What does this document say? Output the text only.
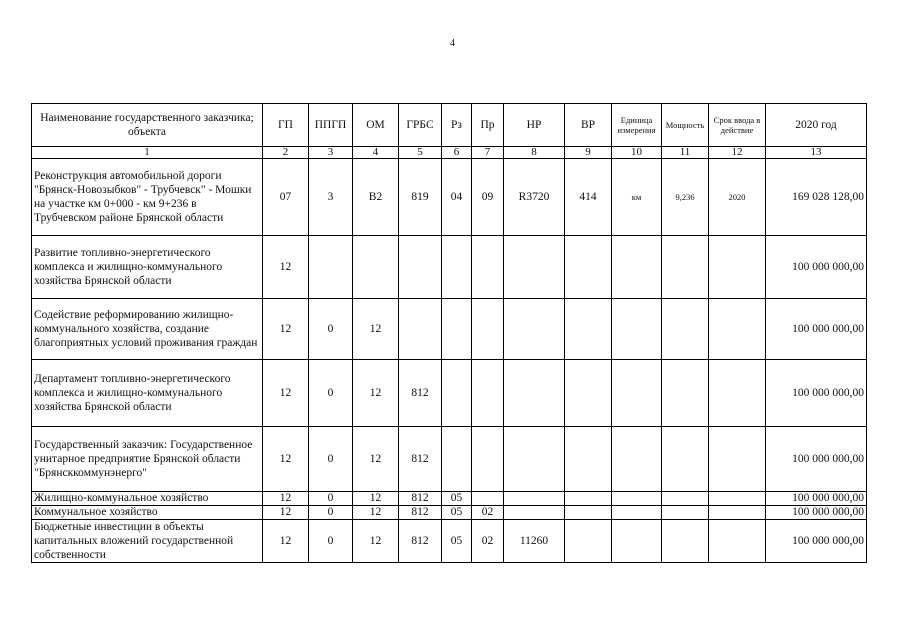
4
Наименование государственного заказчика; объекта	ГП	ППГП	ОМ	ГРБС	Рз	Пр	НР	ВР	Единица измерения	Мощность	Срок ввода в действие	2020 год
1	2	3	4	5	6	7	8	9	10	11	12	13
Реконструкция автомобильной дороги "Брянск-Новозыбков" - Трубчевск" - Мошки на участке км 0+000 - км 9+236 в Трубчевском районе Брянской области	07	3	В2	819	04	09	R3720	414	км	9,236	2020	169 028 128,00
Развитие топливно-энергетического комплекса и жилищно-коммунального хозяйства Брянской области	12											100 000 000,00
Содействие реформированию жилищно-коммунального хозяйства, создание благоприятных условий проживания граждан	12	0	12									100 000 000,00
Департамент топливно-энергетического комплекса и жилищно-коммунального хозяйства Брянской области	12	0	12	812								100 000 000,00
Государственный заказчик: Государственное унитарное предприятие Брянской области "Брянсккоммунэнерго"	12	0	12	812								100 000 000,00
Жилищно-коммунальное хозяйство	12	0	12	812	05							100 000 000,00
Коммунальное хозяйство	12	0	12	812	05	02						100 000 000,00
Бюджетные инвестиции в объекты капитальных вложений государственной собственности	12	0	12	812	05	02	11260					100 000 000,00
